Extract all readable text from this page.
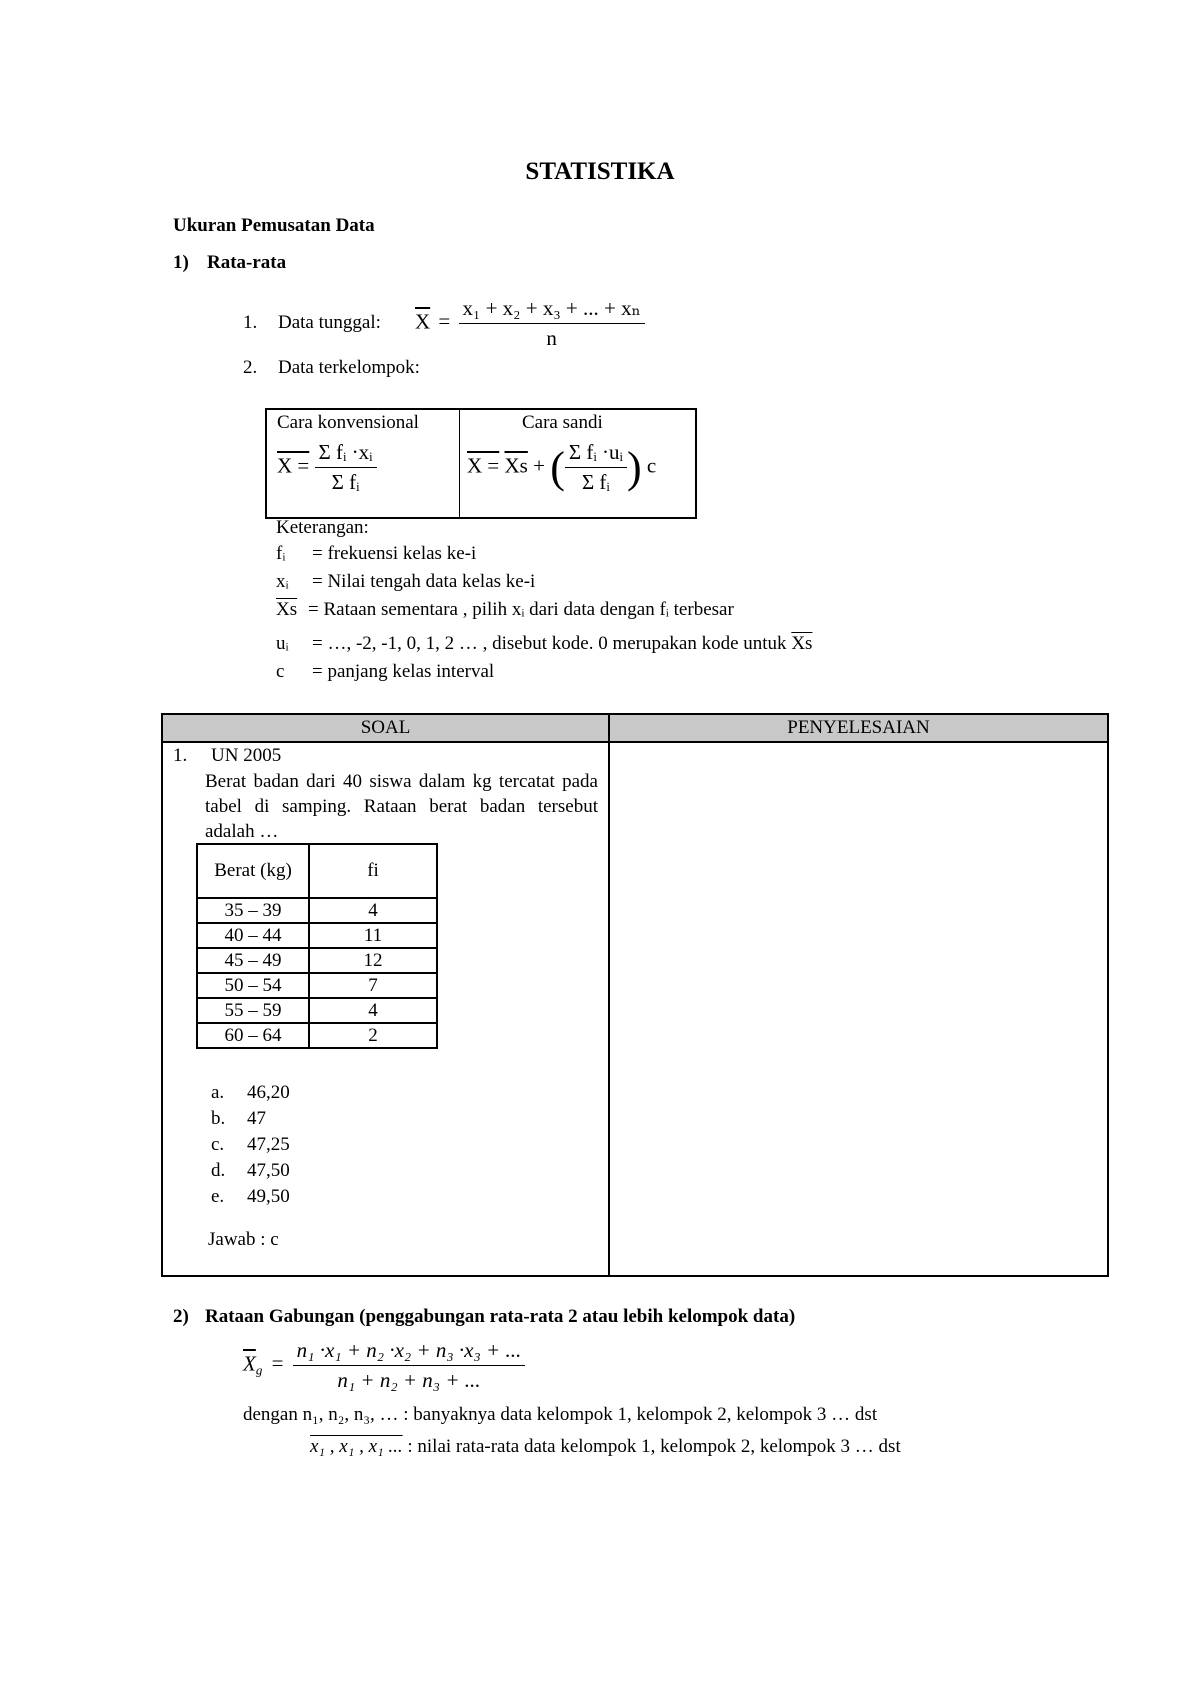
STATISTIKA
Ukuran Pemusatan Data
1) Rata-rata
1. Data tunggal: $\overline{X} = \frac{\text{x₁ + x₂ + x₃ + ... + xₙ}}{n}$
2. Data terkelompok:
Cara konvensional
$X = \frac{\text{Σ fᵢ ·xᵢ}}{\text{Σ fᵢ}}$
Cara sandi
$X = \overline{Xs}$ + ( $\frac{\text{Σ fᵢ ·uᵢ}}{\text{Σ fᵢ}}$ ) c
Keterangan:
fᵢ = frekuensi kelas ke-i
xᵢ = Nilai tengah data kelas ke-i
$\overline{Xs}$ = Rataan sementara , pilih xᵢ dari data dengan fᵢ terbesar
uᵢ = …, -2, -1, 0, 1, 2 … , disebut kode. 0 merupakan kode untuk $\overline{Xs}$
c = panjang kelas interval
SOAL	PENYELESAIAN
1. UN 2005
Berat badan dari 40 siswa dalam kg tercatat pada tabel di samping. Rataan berat badan tersebut adalah …
Berat (kg)	fi
35 – 39	4
40 – 44	11
45 – 49	12
50 – 54	7
55 – 59	4
60 – 64	2
a. 46,20
b. 47
c. 47,25
d. 47,50
e. 49,50
Jawab : c
2) Rataan Gabungan (penggabungan rata-rata 2 atau lebih kelompok data)
$\overline{X}_g = \frac{\text{n₁ ·x₁ + n₂ ·x₂ + n₃ ·x₃ + ...}}{\text{n₁ + n₂ + n₃ + ...}}$
dengan n₁, n₂, n₃, … : banyaknya data kelompok 1, kelompok 2, kelompok 3 … dst
x₁ , x₁ , x₁ ... : nilai rata-rata data kelompok 1, kelompok 2, kelompok 3 … dst
